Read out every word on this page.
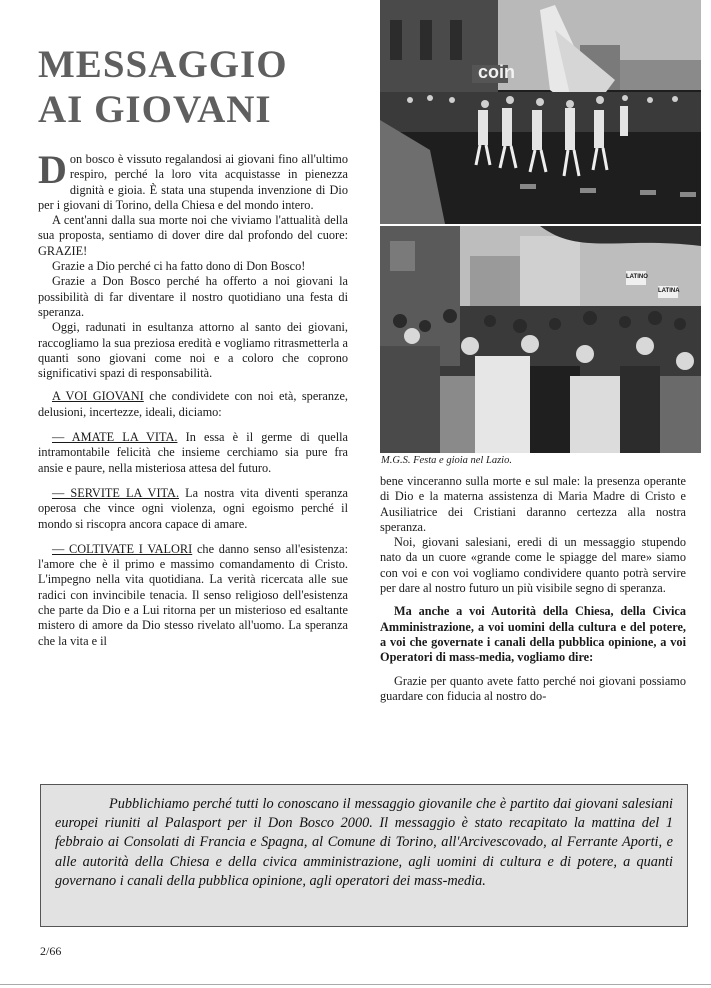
MESSAGGIO
AI GIOVANI

Don bosco è vissuto regalandosi ai giovani fino all'ultimo respiro, perché la loro vita acquistasse in pienezza dignità e gioia. È stata una stupenda invenzione di Dio per i giovani di Torino, della Chiesa e del mondo intero.

A cent'anni dalla sua morte noi che viviamo l'attualità della sua proposta, sentiamo di dover dire dal profondo del cuore: GRAZIE!

Grazie a Dio perché ci ha fatto dono di Don Bosco!

Grazie a Don Bosco perché ha offerto a noi giovani la possibilità di far diventare il nostro quotidiano una festa di speranza.

Oggi, radunati in esultanza attorno al santo dei giovani, raccogliamo la sua preziosa eredità e vogliamo ritrasmetterla a quanti sono giovani come noi e a coloro che coprono significativi spazi di responsabilità.

A VOI GIOVANI che condividete con noi età, speranze, delusioni, incertezze, ideali, diciamo:

— AMATE LA VITA. In essa è il germe di quella intramontabile felicità che insieme cerchiamo sia pure fra ansie e paure, nella misteriosa attesa del futuro.

— SERVITE LA VITA. La nostra vita diventi speranza operosa che vince ogni violenza, ogni egoismo perché il mondo si riscopra ancora capace di amare.

— COLTIVATE I VALORI che danno senso all'esistenza: l'amore che è il primo e massimo comandamento di Cristo. L'impegno nella vita quotidiana. La verità ricercata alle sue radici con invincibile tenacia. Il senso religioso dell'esistenza che parte da Dio e a Lui ritorna per un misterioso ed esaltante mistero di amore da Dio stesso rivelato all'uomo. La speranza che la vita e il

coin
LATINO
LATINA
M.G.S. Festa e gioia nel Lazio.

bene vinceranno sulla morte e sul male: la presenza operante di Dio e la materna assistenza di Maria Madre di Cristo e Ausiliatrice dei Cristiani daranno certezza alla nostra speranza.

Noi, giovani salesiani, eredi di un messaggio stupendo nato da un cuore «grande come le spiagge del mare» siamo con voi e con voi vogliamo condividere quanto potrà servire per dare al nostro futuro un più visibile segno di speranza.

Ma anche a voi Autorità della Chiesa, della Civica Amministrazione, a voi uomini della cultura e del potere, a voi che governate i canali della pubblica opinione, a voi Operatori di mass-media, vogliamo dire:

Grazie per quanto avete fatto perché noi giovani possiamo guardare con fiducia al nostro do-

Pubblichiamo perché tutti lo conoscano il messaggio giovanile che è partito dai giovani salesiani europei riuniti al Palasport per il Don Bosco 2000. Il messaggio è stato recapitato la mattina del 1 febbraio ai Consolati di Francia e Spagna, al Comune di Torino, all'Arcivescovado, al Ferrante Aporti, e alle autorità della Chiesa e della civica amministrazione, agli uomini di cultura e di potere, a quanti governano i canali della pubblica opinione, agli operatori dei mass-media.
2/66
